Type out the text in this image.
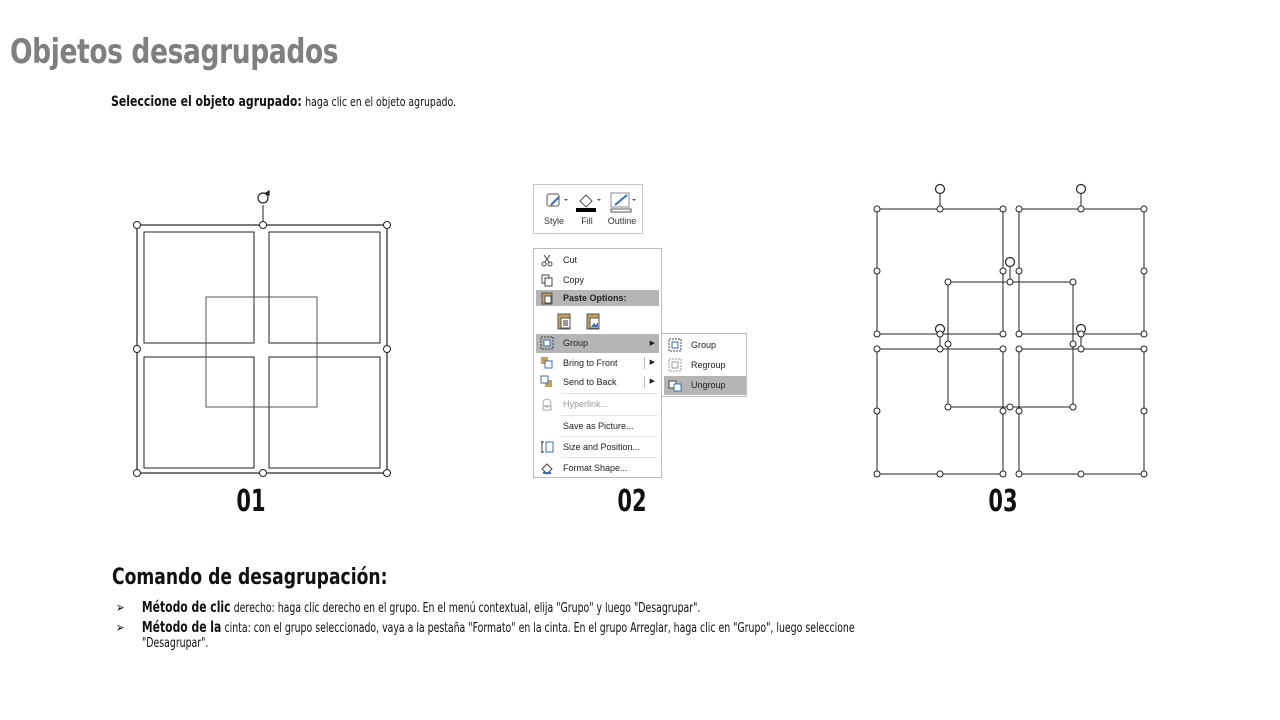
Objetos desagrupados
Seleccione el objeto agrupado: haga clic en el objeto agrupado.
01
Style	Fill	Outline
Cut
Copy
Paste Options:
Group	▶
Bring to Front	▶
Send to Back	▶
Hyperlink...
Save as Picture...
Size and Position...
Format Shape...
Group
Regroup
Ungroup
02	03
Comando de desagrupación:
➢ Método de clic derecho: haga clic derecho en el grupo. En el menú contextual, elija "Grupo" y luego "Desagrupar".
➢ Método de la cinta: con el grupo seleccionado, vaya a la pestaña "Formato" en la cinta. En el grupo Arreglar, haga clic en "Grupo", luego seleccione
"Desagrupar".
